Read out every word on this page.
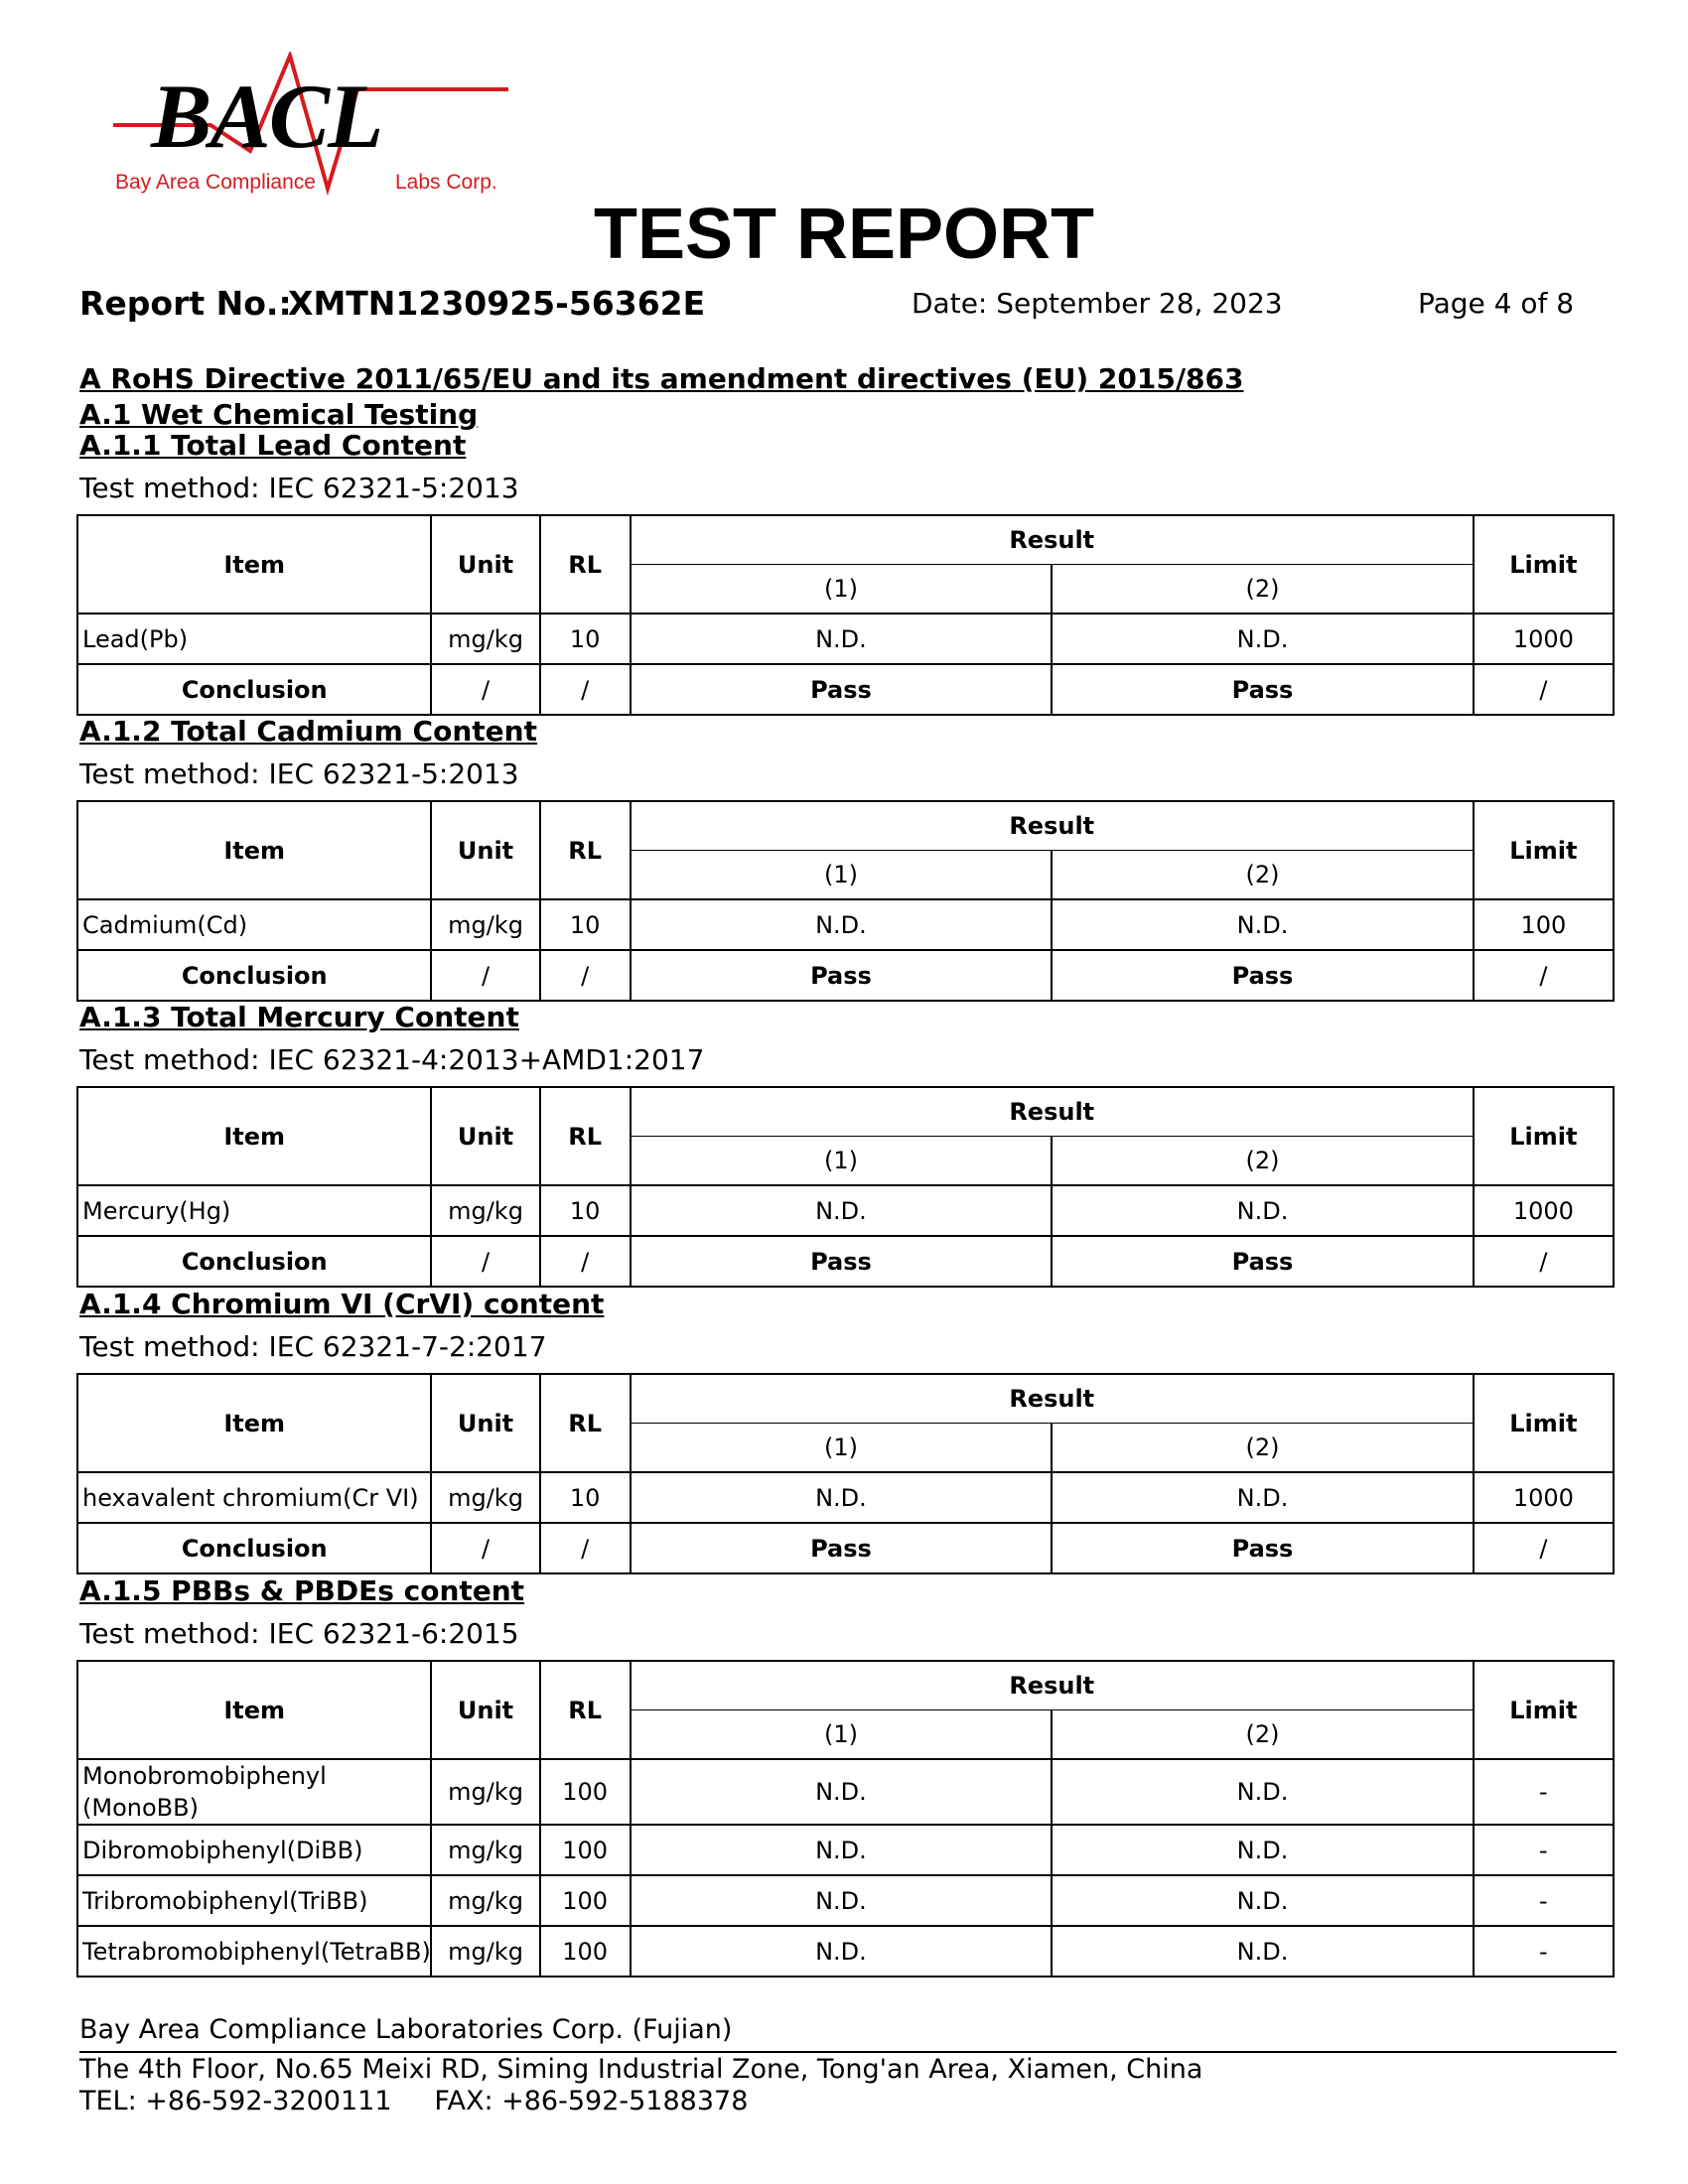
BACL
Bay Area Compliance	Labs Corp.
TEST REPORT
Report No.:
XMTN1230925-56362E	Date: September 28, 2023	Page 4 of 8
A RoHS Directive 2011/65/EU and its amendment directives (EU) 2015/863
A.1 Wet Chemical Testing
A.1.1 Total Lead Content
Test method: IEC 62321-5:2013
Item	Unit	RL	Result		Limit
			(1)	(2)	
Lead(Pb)	mg/kg	10	N.D.	N.D.	1000
Conclusion	/	/	Pass	Pass	/
A.1.2 Total Cadmium Content
Test method: IEC 62321-5:2013
Item	Unit	RL	Result		Limit
			(1)	(2)	
Cadmium(Cd)	mg/kg	10	N.D.	N.D.	100
Conclusion	/	/	Pass	Pass	/
A.1.3 Total Mercury Content
Test method: IEC 62321-4:2013+AMD1:2017
Item	Unit	RL	Result		Limit
			(1)	(2)	
Mercury(Hg)	mg/kg	10	N.D.	N.D.	1000
Conclusion	/	/	Pass	Pass	/
A.1.4 Chromium VI (CrVI) content
Test method: IEC 62321-7-2:2017
Item	Unit	RL	Result		Limit
			(1)	(2)	
hexavalent chromium(Cr VI)	mg/kg	10	N.D.	N.D.	1000
Conclusion	/	/	Pass	Pass	/
A.1.5 PBBs & PBDEs content
Test method: IEC 62321-6:2015
Item	Unit	RL	Result		Limit
			(1)	(2)	
Monobromobiphenyl (MonoBB)	mg/kg	100	N.D.	N.D.	-
Dibromobiphenyl(DiBB)	mg/kg	100	N.D.	N.D.	-
Tribromobiphenyl(TriBB)	mg/kg	100	N.D.	N.D.	-
Tetrabromobiphenyl(TetraBB)	mg/kg	100	N.D.	N.D.	-
Bay Area Compliance Laboratories Corp. (Fujian)
The 4th Floor, No.65 Meixi RD, Siming Industrial Zone, Tong'an Area, Xiamen, China
TEL: +86-592-3200111     FAX: +86-592-5188378
